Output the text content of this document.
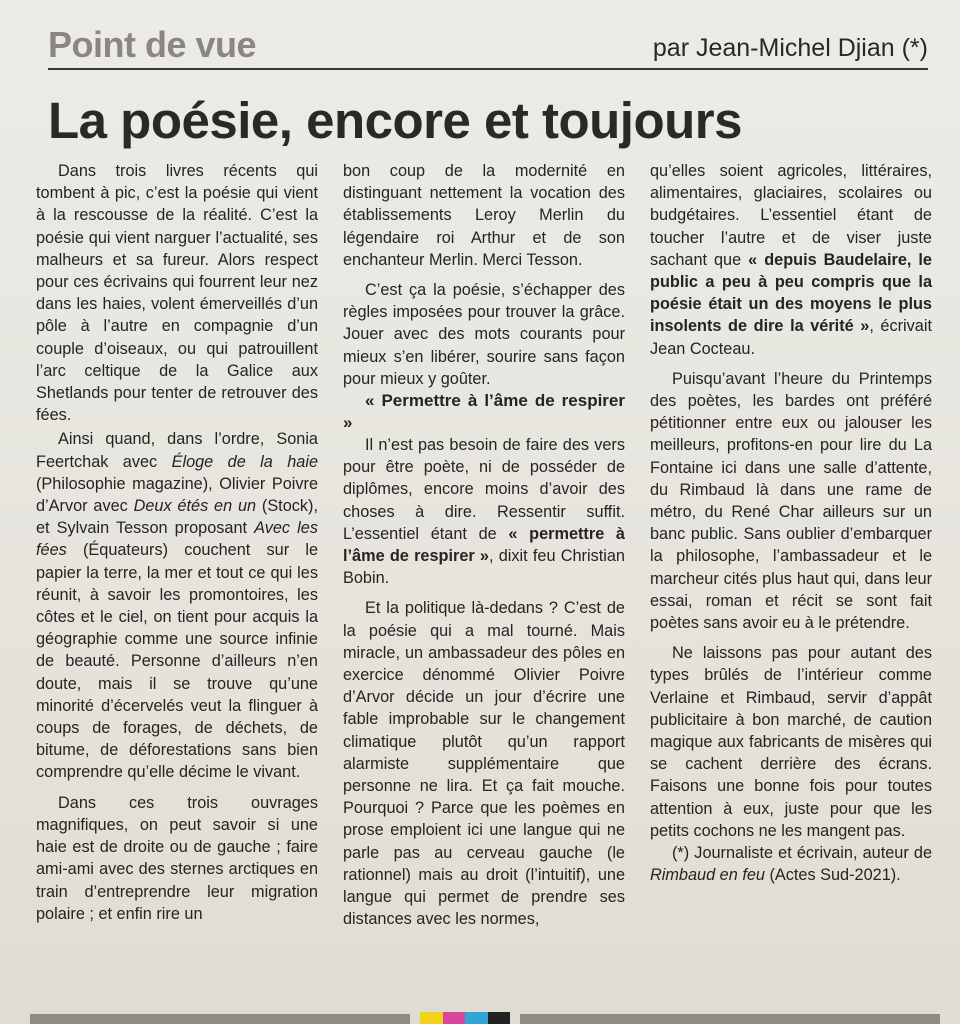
Point de vue	par Jean-Michel Djian (*)
La poésie, encore et toujours

Dans trois livres récents qui tombent à pic, c’est la poésie qui vient à la rescousse de la réalité. C’est la poésie qui vient narguer l’actualité, ses malheurs et sa fureur. Alors respect pour ces écrivains qui fourrent leur nez dans les haies, volent émerveillés d’un pôle à l’autre en compagnie d’un couple d’oiseaux, ou qui patrouillent l’arc celtique de la Galice aux Shetlands pour tenter de retrouver des fées.

Ainsi quand, dans l’ordre, Sonia Feertchak avec Éloge de la haie (Philosophie magazine), Olivier Poivre d’Arvor avec Deux étés en un (Stock), et Sylvain Tesson proposant Avec les fées (Équateurs) couchent sur le papier la terre, la mer et tout ce qui les réunit, à savoir les promontoires, les côtes et le ciel, on tient pour acquis la géographie comme une source infinie de beauté. Personne d’ailleurs n’en doute, mais il se trouve qu’une minorité d’écervelés veut la flinguer à coups de forages, de déchets, de bitume, de déforestations sans bien comprendre qu’elle décime le vivant.

Dans ces trois ouvrages magnifiques, on peut savoir si une haie est de droite ou de gauche ; faire ami-ami avec des sternes arctiques en train d’entreprendre leur migration polaire ; et enfin rire un

bon coup de la modernité en distinguant nettement la vocation des établissements Leroy Merlin du légendaire roi Arthur et de son enchanteur Merlin. Merci Tesson.

C’est ça la poésie, s’échapper des règles imposées pour trouver la grâce. Jouer avec des mots courants pour mieux s’en libérer, sourire sans façon pour mieux y goûter.

« Permettre à l’âme de respirer »

Il n’est pas besoin de faire des vers pour être poète, ni de posséder de diplômes, encore moins d’avoir des choses à dire. Ressentir suffit. L’essentiel étant de « permettre à l’âme de respirer », dixit feu Christian Bobin.

Et la politique là-dedans ? C’est de la poésie qui a mal tourné. Mais miracle, un ambassadeur des pôles en exercice dénommé Olivier Poivre d’Arvor décide un jour d’écrire une fable improbable sur le changement climatique plutôt qu’un rapport alarmiste supplémentaire que personne ne lira. Et ça fait mouche. Pourquoi ? Parce que les poèmes en prose emploient ici une langue qui ne parle pas au cerveau gauche (le rationnel) mais au droit (l’intuitif), une langue qui permet de prendre ses distances avec les normes,

qu’elles soient agricoles, littéraires, alimentaires, glaciaires, scolaires ou budgétaires. L’essentiel étant de toucher l’autre et de viser juste sachant que « depuis Baudelaire, le public a peu à peu compris que la poésie était un des moyens le plus insolents de dire la vérité », écrivait Jean Cocteau.

Puisqu’avant l’heure du Printemps des poètes, les bardes ont préféré pétitionner entre eux ou jalouser les meilleurs, profitons-en pour lire du La Fontaine ici dans une salle d’attente, du Rimbaud là dans une rame de métro, du René Char ailleurs sur un banc public. Sans oublier d’embarquer la philosophe, l’ambassadeur et le marcheur cités plus haut qui, dans leur essai, roman et récit se sont fait poètes sans avoir eu à le prétendre.

Ne laissons pas pour autant des types brûlés de l’intérieur comme Verlaine et Rimbaud, servir d’appât publicitaire à bon marché, de caution magique aux fabricants de misères qui se cachent derrière des écrans. Faisons une bonne fois pour toutes attention à eux, juste pour que les petits cochons ne les mangent pas.

(*) Journaliste et écrivain, auteur de Rimbaud en feu (Actes Sud-2021).
